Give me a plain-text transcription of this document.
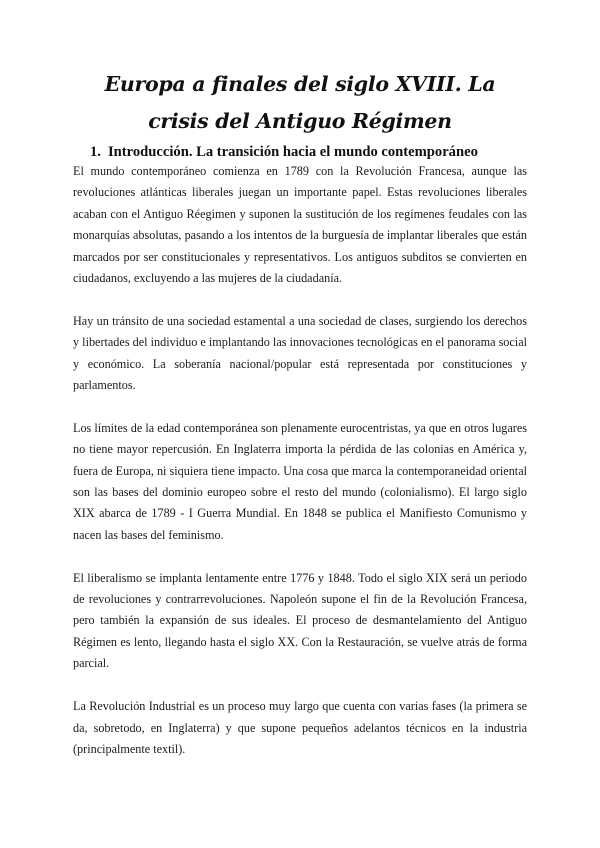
Europa a finales del siglo XVIII. La crisis del Antiguo Régimen
1. Introducción. La transición hacia el mundo contemporáneo

El mundo contemporáneo comienza en 1789 con la Revolución Francesa, aunque las revoluciones atlánticas liberales juegan un importante papel. Estas revoluciones liberales acaban con el Antiguo Réegimen y suponen la sustitución de los regímenes feudales con las monarquías absolutas, pasando a los intentos de la burguesía de implantar liberales que están marcados por ser constitucionales y representativos. Los antiguos subditos se convierten en ciudadanos, excluyendo a las mujeres de la ciudadanía.

Hay un tránsito de una sociedad estamental a una sociedad de clases, surgiendo los derechos y libertades del individuo e implantando las innovaciones tecnológicas en el panorama social y económico. La soberanía nacional/popular está representada por constituciones y parlamentos.

Los límites de la edad contemporánea son plenamente eurocentristas, ya que en otros lugares no tiene mayor repercusión. En Inglaterra importa la pérdida de las colonias en América y, fuera de Europa, ni siquiera tiene impacto. Una cosa que marca la contemporaneidad oriental son las bases del dominio europeo sobre el resto del mundo (colonialismo). El largo siglo XIX abarca de 1789 - I Guerra Mundial. En 1848 se publica el Manifiesto Comunismo y nacen las bases del feminismo.

El liberalismo se implanta lentamente entre 1776 y 1848. Todo el siglo XIX será un periodo de revoluciones y contrarrevoluciones. Napoleón supone el fin de la Revolución Francesa, pero también la expansión de sus ideales. El proceso de desmantelamiento del Antiguo Régimen es lento, llegando hasta el siglo XX. Con la Restauración, se vuelve atrás de forma parcial.

La Revolución Industrial es un proceso muy largo que cuenta con varias fases (la primera se da, sobretodo, en Inglaterra) y que supone pequeños adelantos técnicos en la industria (principalmente textil).
